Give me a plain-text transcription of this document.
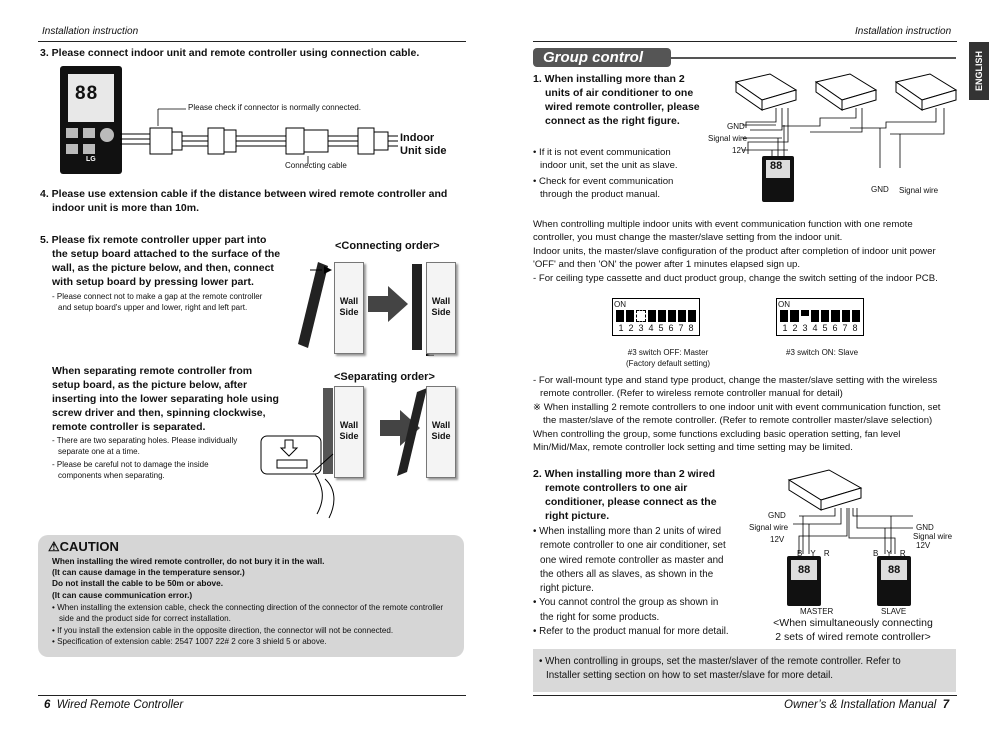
Installation instruction	Installation instruction
ENGLISH
3. Please connect indoor unit and remote controller using connection cable.
88
LG
Please check if connector is normally connected.
Connecting cable
Indoor
Unit side
4. Please use extension cable if the distance between wired remote controller and
indoor unit is more than 10m.
5. Please fix remote controller upper part into
the setup board attached to the surface of the
wall, as the picture below, and then, connect
with setup board by pressing lower part.
- Please connect not to make a gap at the remote controller
and setup board's upper and lower, right and left part.
<Connecting order>
Wall
Side
Wall
Side
When separating remote controller from
setup board, as the picture below, after
inserting into the lower separating hole using
screw driver and then, spinning clockwise,
remote controller is separated.
- There are two separating holes. Please individually
separate one at a time.
- Please be careful not to damage the inside
components when separating.
<Separating order>
Wall
Side
Wall
Side
⚠CAUTION
When installing the wired remote controller, do not bury it in the wall.
(It can cause damage in the temperature sensor.)
Do not install the cable to be 50m or above.
(It can cause communication error.)
• When installing the extension cable, check the connecting direction of the connector of the remote controller
side and the product side for correct installation.
• If you install the extension cable in the opposite direction, the connector will not be connected.
• Specification of extension cable: 2547 1007 22# 2 core 3 shield 5 or above.
6 Wired Remote Controller
Group control
1. When installing more than 2
units of air conditioner to one
wired remote controller, please
connect as the right figure.
• If it is not event communication
indoor unit, set the unit as slave.
• Check for event communication
through the product manual.
GND
Signal wire
12V
GND Signal wire
88
When controlling multiple indoor units with event communication function with one remote
controller, you must change the master/slave setting from the indoor unit.
Indoor units, the master/slave configuration of the product after completion of indoor unit power
'OFF' and then 'ON' the power after 1 minutes elapsed sign up.
- For ceiling type cassette and duct product group, change the switch setting of the indoor PCB.
ON
1 2 3 4 5 6 7 8
#3 switch OFF: Master
(Factory default setting)
ON
1 2 3 4 5 6 7 8
#3 switch ON: Slave
- For wall-mount type and stand type product, change the master/slave setting with the wireless
remote controller. (Refer to wireless remote controller manual for detail)
※ When installing 2 remote controllers to one indoor unit with event communication function, set
the master/slave of the remote controller. (Refer to remote controller master/slave selection)
When controlling the group, some functions excluding basic operation setting, fan level
Min/Mid/Max, remote controller lock setting and time setting may be limited.
2. When installing more than 2 wired
remote controllers to one air
conditioner, please connect as the
right picture.
• When installing more than 2 units of wired
remote controller to one air conditioner, set
one wired remote controller as master and
the others all as slaves, as shown in the
right picture.
• You cannot control the group as shown in
the right for some products.
• Refer to the product manual for more detail.
GND
Signal wire
12V
GND
Signal wire
12V
B Y R	B Y R
88	88
MASTER	SLAVE
<When simultaneously connecting
2 sets of wired remote controller>
• When controlling in groups, set the master/slaver of the remote controller. Refer to
Installer setting section on how to set master/slave for more detail.
Owner’s & Installation Manual 7
